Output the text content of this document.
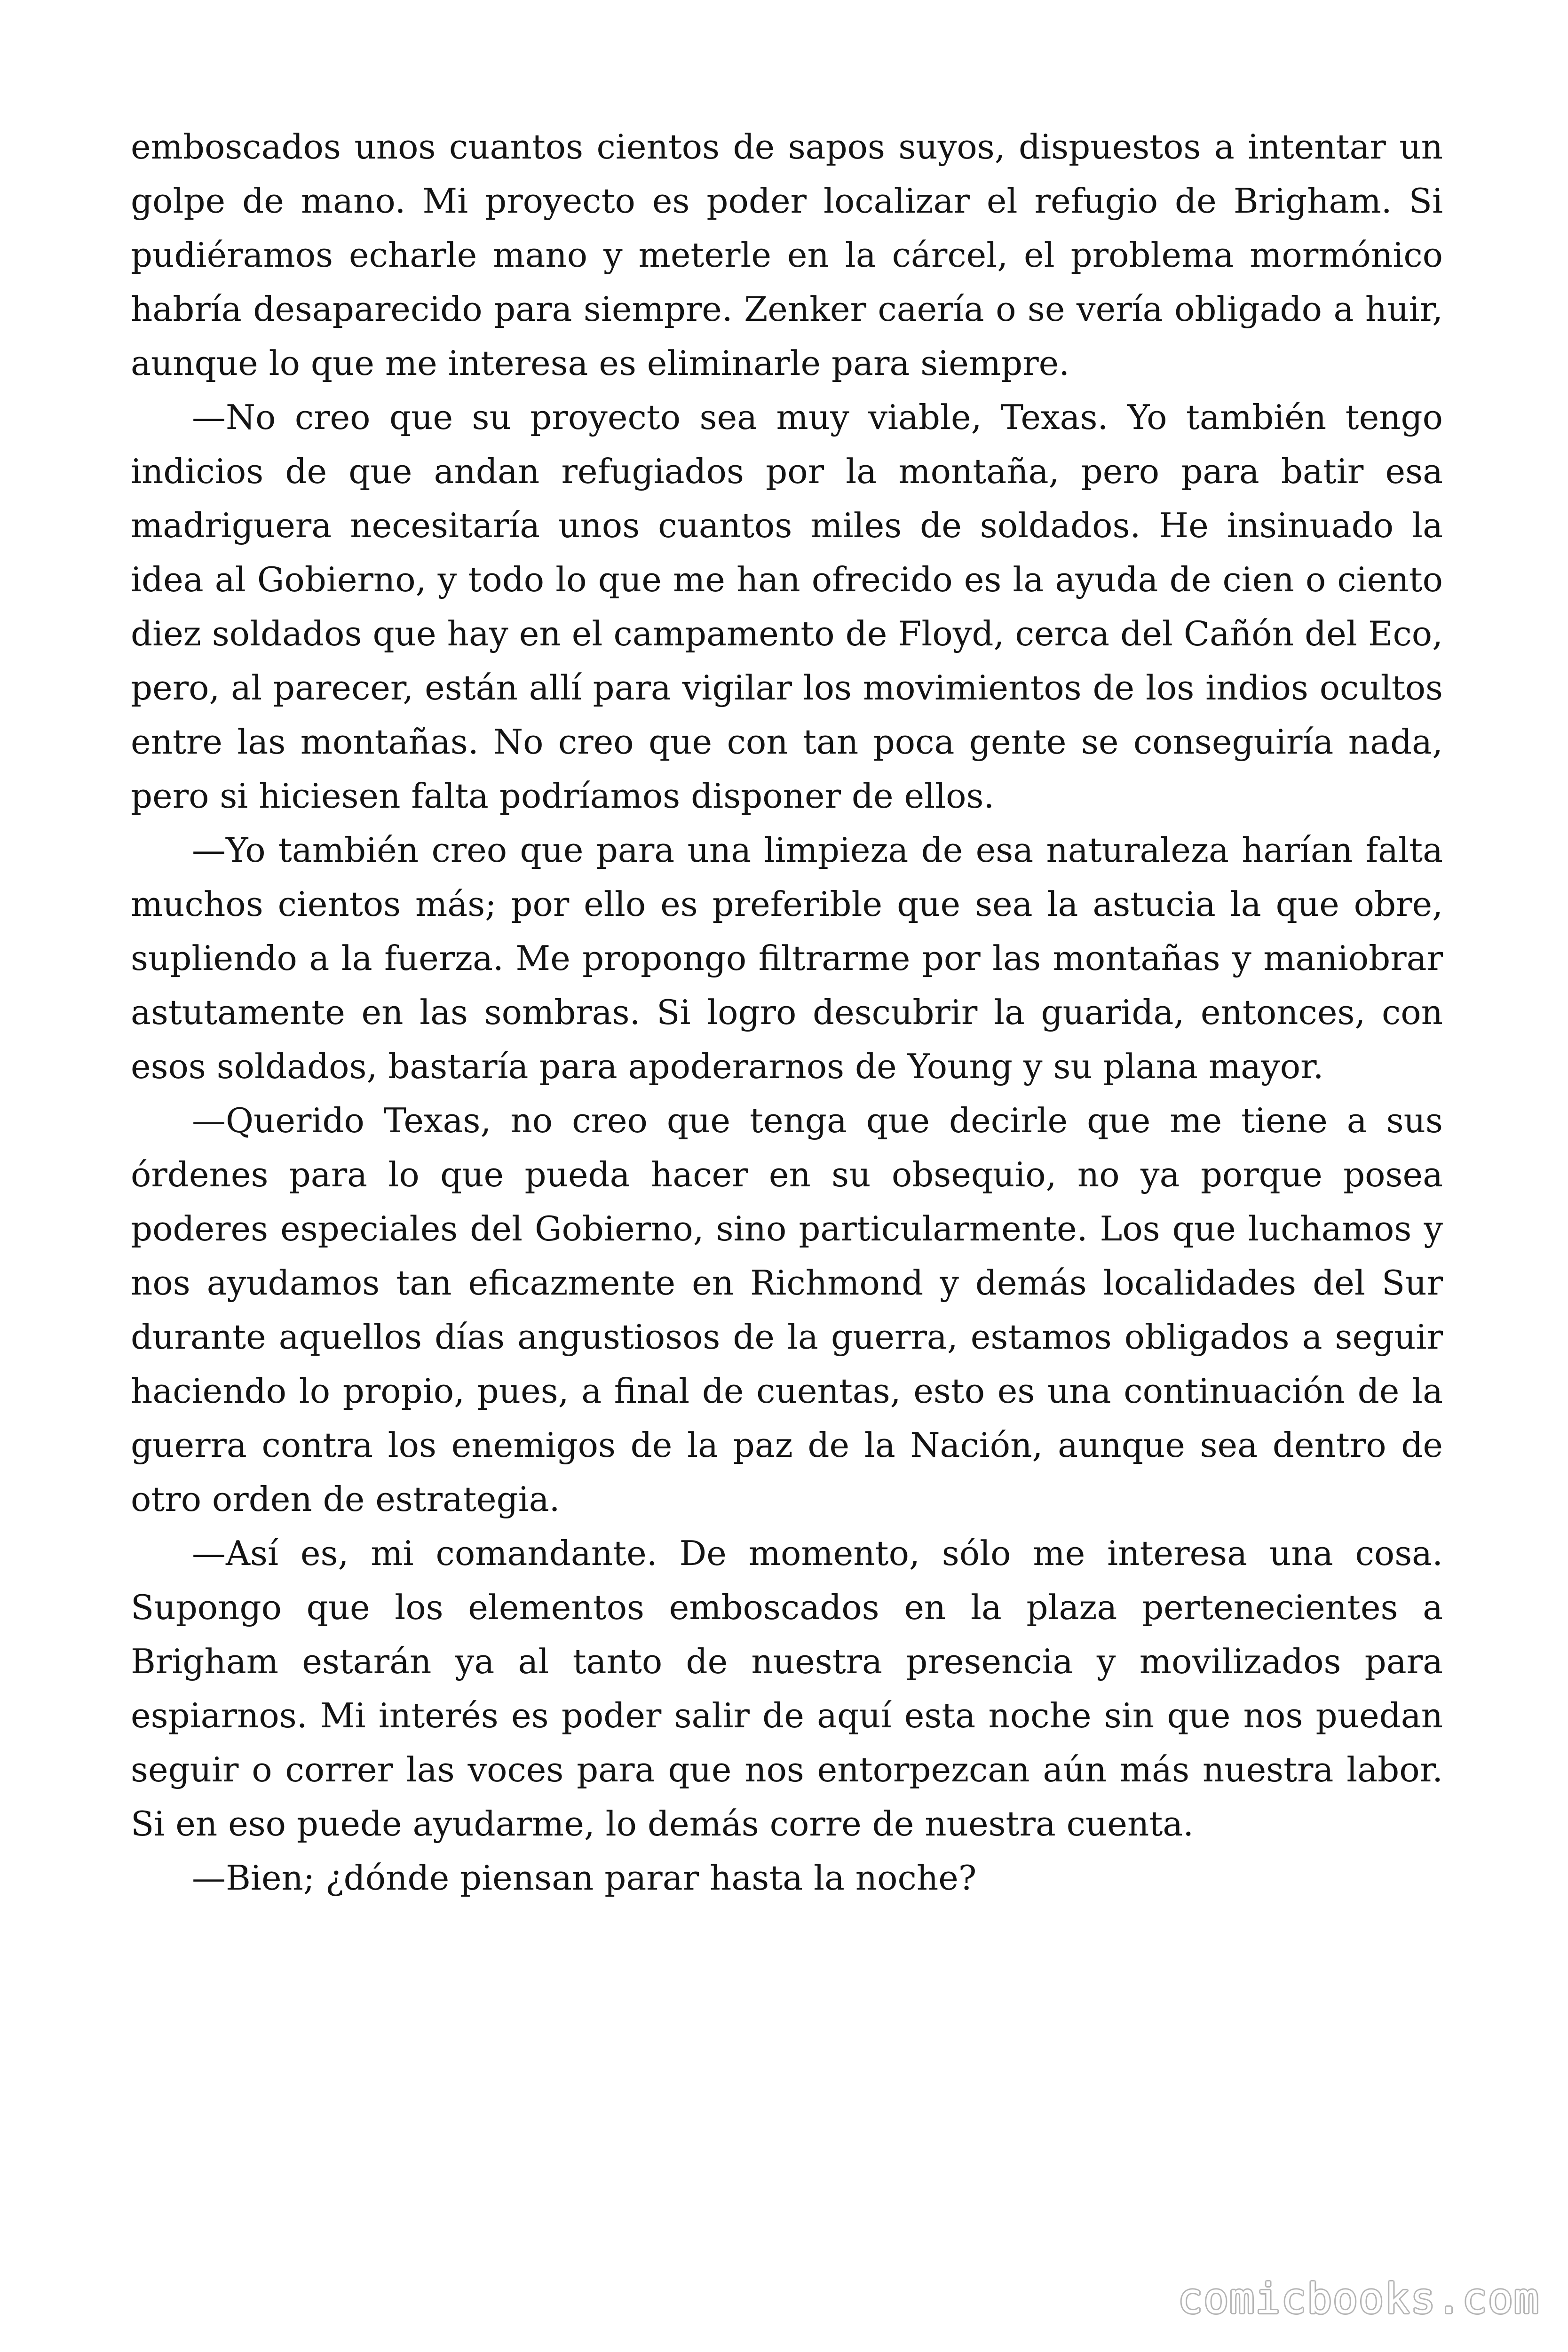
emboscados unos cuantos cientos de sapos suyos, dispuestos a intentar un golpe de mano. Mi proyecto es poder localizar el refugio de Brigham. Si pudiéramos echarle mano y meterle en la cárcel, el problema mormónico habría desaparecido para siempre. Zenker caería o se vería obligado a huir, aunque lo que me interesa es eliminarle para siempre.

—No creo que su proyecto sea muy viable, Texas. Yo también tengo indicios de que andan refugiados por la montaña, pero para batir esa madriguera necesitaría unos cuantos miles de soldados. He insinuado la idea al Gobierno, y todo lo que me han ofrecido es la ayuda de cien o ciento diez soldados que hay en el campamento de Floyd, cerca del Cañón del Eco, pero, al parecer, están allí para vigilar los movimientos de los indios ocultos entre las montañas. No creo que con tan poca gente se conseguiría nada, pero si hiciesen falta podríamos disponer de ellos.

—Yo también creo que para una limpieza de esa naturaleza harían falta muchos cientos más; por ello es preferible que sea la astucia la que obre, supliendo a la fuerza. Me propongo filtrarme por las montañas y maniobrar astutamente en las sombras. Si logro descubrir la guarida, entonces, con esos soldados, bastaría para apoderarnos de Young y su plana mayor.

—Querido Texas, no creo que tenga que decirle que me tiene a sus órdenes para lo que pueda hacer en su obsequio, no ya porque posea poderes especiales del Gobierno, sino particularmente. Los que luchamos y nos ayudamos tan eficazmente en Richmond y demás localidades del Sur durante aquellos días angustiosos de la guerra, estamos obligados a seguir haciendo lo propio, pues, a final de cuentas, esto es una continuación de la guerra contra los enemigos de la paz de la Nación, aunque sea dentro de otro orden de estrategia.

—Así es, mi comandante. De momento, sólo me interesa una cosa. Supongo que los elementos emboscados en la plaza pertenecientes a Brigham estarán ya al tanto de nuestra presencia y movilizados para espiarnos. Mi interés es poder salir de aquí esta noche sin que nos puedan seguir o correr las voces para que nos entorpezcan aún más nuestra labor. Si en eso puede ayudarme, lo demás corre de nuestra cuenta.

—Bien; ¿dónde piensan parar hasta la noche?

comicbooks.com
